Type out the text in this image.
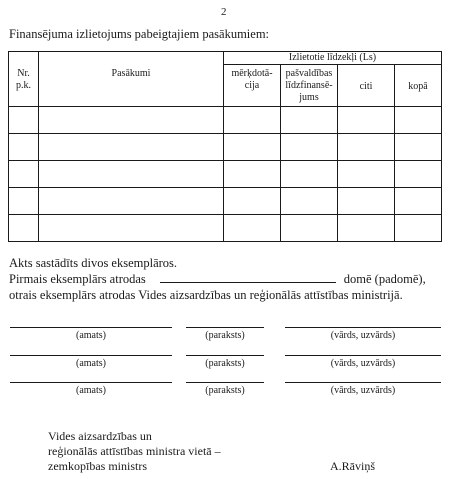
2
Finansējuma izlietojums pabeigtajiem pasākumiem:
Nr. p.k.	Pasākumi	Izlietotie līdzekļi (Ls)			

		mērķdotā-cija	pašvaldības līdzfinansē-jums	citi	kopā

Akts sastādīts divos eksemplāros.
Pirmais eksemplārs atrodas	domē (padomē),
otrais eksemplārs atrodas Vides aizsardzības un reģionālās attīstības ministrijā.
(amats)	(paraksts)	(vārds, uzvārds)
(amats)	(paraksts)	(vārds, uzvārds)
(amats)	(paraksts)	(vārds, uzvārds)
Vides aizsardzības un
reģionālās attīstības ministra vietā –
zemkopības ministrs	A.Rāviņš
